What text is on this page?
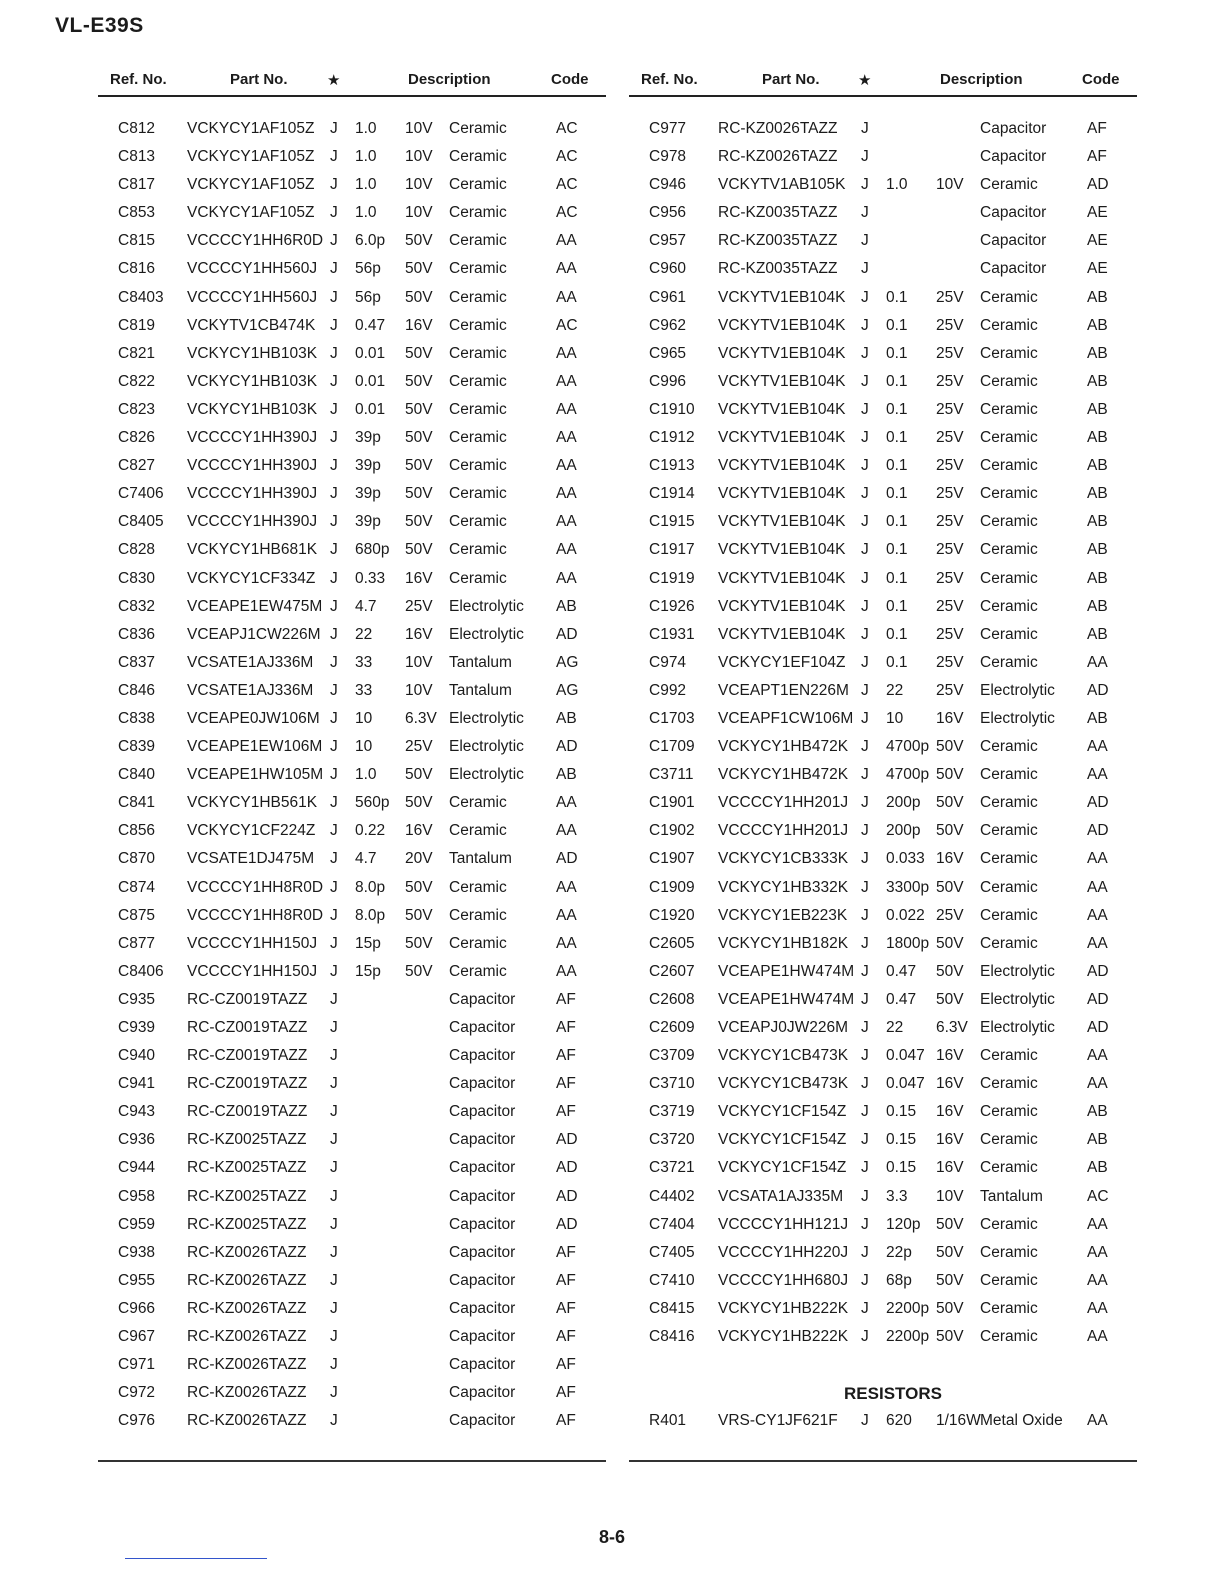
VL-E39S
Ref. No.	Part No.	★	Description	Code
C812 VCKYCY1AF105Z J 1.0 10V Ceramic	AC
C813 VCKYCY1AF105Z J 1.0 10V Ceramic	AC
C817 VCKYCY1AF105Z J 1.0 10V Ceramic	AC
C853 VCKYCY1AF105Z J 1.0 10V Ceramic	AC
C815 VCCCCY1HH6R0D J 6.0p 50V Ceramic	AA
C816 VCCCCY1HH560J J 56p 50V Ceramic	AA
C8403 VCCCCY1HH560J J 56p 50V Ceramic	AA
C819 VCKYTV1CB474K J 0.47 16V Ceramic	AC
C821 VCKYCY1HB103K J 0.01 50V Ceramic	AA
C822 VCKYCY1HB103K J 0.01 50V Ceramic	AA
C823 VCKYCY1HB103K J 0.01 50V Ceramic	AA
C826 VCCCCY1HH390J J 39p 50V Ceramic	AA
C827 VCCCCY1HH390J J 39p 50V Ceramic	AA
C7406 VCCCCY1HH390J J 39p 50V Ceramic	AA
C8405 VCCCCY1HH390J J 39p 50V Ceramic	AA
C828 VCKYCY1HB681K J 680p 50V Ceramic	AA
C830 VCKYCY1CF334Z J 0.33 16V Ceramic	AA
C832 VCEAPE1EW475M J 4.7 25V Electrolytic AB
C836 VCEAPJ1CW226M J 22 16V Electrolytic AD
C837 VCSATE1AJ336M J 33 10V Tantalum	AG
C846 VCSATE1AJ336M J 33 10V Tantalum	AG
C838 VCEAPE0JW106M J 10 6.3V Electrolytic AB
C839 VCEAPE1EW106M J 10 25V Electrolytic AD
C840 VCEAPE1HW105M J 1.0 50V Electrolytic AB
C841 VCKYCY1HB561K J 560p 50V Ceramic	AA
C856 VCKYCY1CF224Z J 0.22 16V Ceramic	AA
C870 VCSATE1DJ475M J 4.7 20V Tantalum	AD
C874 VCCCCY1HH8R0D J 8.0p 50V Ceramic	AA
C875 VCCCCY1HH8R0D J 8.0p 50V Ceramic	AA
C877 VCCCCY1HH150J J 15p 50V Ceramic	AA
C8406 VCCCCY1HH150J J 15p 50V Ceramic	AA
C935 RC-CZ0019TAZZ J	Capacitor	AF
C939 RC-CZ0019TAZZ J	Capacitor	AF
C940 RC-CZ0019TAZZ J	Capacitor	AF
C941 RC-CZ0019TAZZ J	Capacitor	AF
C943 RC-CZ0019TAZZ J	Capacitor	AF
C936 RC-KZ0025TAZZ J	Capacitor	AD
C944 RC-KZ0025TAZZ J	Capacitor	AD
C958 RC-KZ0025TAZZ J	Capacitor	AD
C959 RC-KZ0025TAZZ J	Capacitor	AD
C938 RC-KZ0026TAZZ J	Capacitor	AF
C955 RC-KZ0026TAZZ J	Capacitor	AF
C966 RC-KZ0026TAZZ J	Capacitor	AF
C967 RC-KZ0026TAZZ J	Capacitor	AF
C971 RC-KZ0026TAZZ J	Capacitor	AF
C972 RC-KZ0026TAZZ J	Capacitor	AF
C976 RC-KZ0026TAZZ J	Capacitor	AF
Ref. No.	Part No.	★	Description	Code
C977 RC-KZ0026TAZZ J	Capacitor	AF
C978 RC-KZ0026TAZZ J	Capacitor	AF
C946 VCKYTV1AB105K J 1.0 10V Ceramic	AD
C956 RC-KZ0035TAZZ J	Capacitor	AE
C957 RC-KZ0035TAZZ J	Capacitor	AE
C960 RC-KZ0035TAZZ J	Capacitor	AE
C961 VCKYTV1EB104K J 0.1 25V Ceramic	AB
C962 VCKYTV1EB104K J 0.1 25V Ceramic	AB
C965 VCKYTV1EB104K J 0.1 25V Ceramic	AB
C996 VCKYTV1EB104K J 0.1 25V Ceramic	AB
C1910 VCKYTV1EB104K J 0.1 25V Ceramic	AB
C1912 VCKYTV1EB104K J 0.1 25V Ceramic	AB
C1913 VCKYTV1EB104K J 0.1 25V Ceramic	AB
C1914 VCKYTV1EB104K J 0.1 25V Ceramic	AB
C1915 VCKYTV1EB104K J 0.1 25V Ceramic	AB
C1917 VCKYTV1EB104K J 0.1 25V Ceramic	AB
C1919 VCKYTV1EB104K J 0.1 25V Ceramic	AB
C1926 VCKYTV1EB104K J 0.1 25V Ceramic	AB
C1931 VCKYTV1EB104K J 0.1 25V Ceramic	AB
C974 VCKYCY1EF104Z J 0.1 25V Ceramic	AA
C992 VCEAPT1EN226M J 22 25V Electrolytic AD
C1703 VCEAPF1CW106M J 10 16V Electrolytic AB
C1709 VCKYCY1HB472K J 4700p 50V Ceramic	AA
C3711 VCKYCY1HB472K J 4700p 50V Ceramic	AA
C1901 VCCCCY1HH201J J 200p 50V Ceramic	AD
C1902 VCCCCY1HH201J J 200p 50V Ceramic	AD
C1907 VCKYCY1CB333K J 0.033 16V Ceramic	AA
C1909 VCKYCY1HB332K J 3300p 50V Ceramic	AA
C1920 VCKYCY1EB223K J 0.022 25V Ceramic	AA
C2605 VCKYCY1HB182K J 1800p 50V Ceramic	AA
C2607 VCEAPE1HW474M J 0.47 50V Electrolytic AD
C2608 VCEAPE1HW474M J 0.47 50V Electrolytic AD
C2609 VCEAPJ0JW226M J 22 6.3V Electrolytic AD
C3709 VCKYCY1CB473K J 0.047 16V Ceramic	AA
C3710 VCKYCY1CB473K J 0.047 16V Ceramic	AA
C3719 VCKYCY1CF154Z J 0.15 16V Ceramic	AB
C3720 VCKYCY1CF154Z J 0.15 16V Ceramic	AB
C3721 VCKYCY1CF154Z J 0.15 16V Ceramic	AB
C4402 VCSATA1AJ335M J 3.3 10V Tantalum	AC
C7404 VCCCCY1HH121J J 120p 50V Ceramic	AA
C7405 VCCCCY1HH220J J 22p 50V Ceramic	AA
C7410 VCCCCY1HH680J J 68p 50V Ceramic	AA
C8415 VCKYCY1HB222K J 2200p 50V Ceramic	AA
C8416 VCKYCY1HB222K J 2200p 50V Ceramic	AA
RESISTORS
R401 VRS-CY1JF621F J 620 1/16W Metal Oxide AA
8-6
